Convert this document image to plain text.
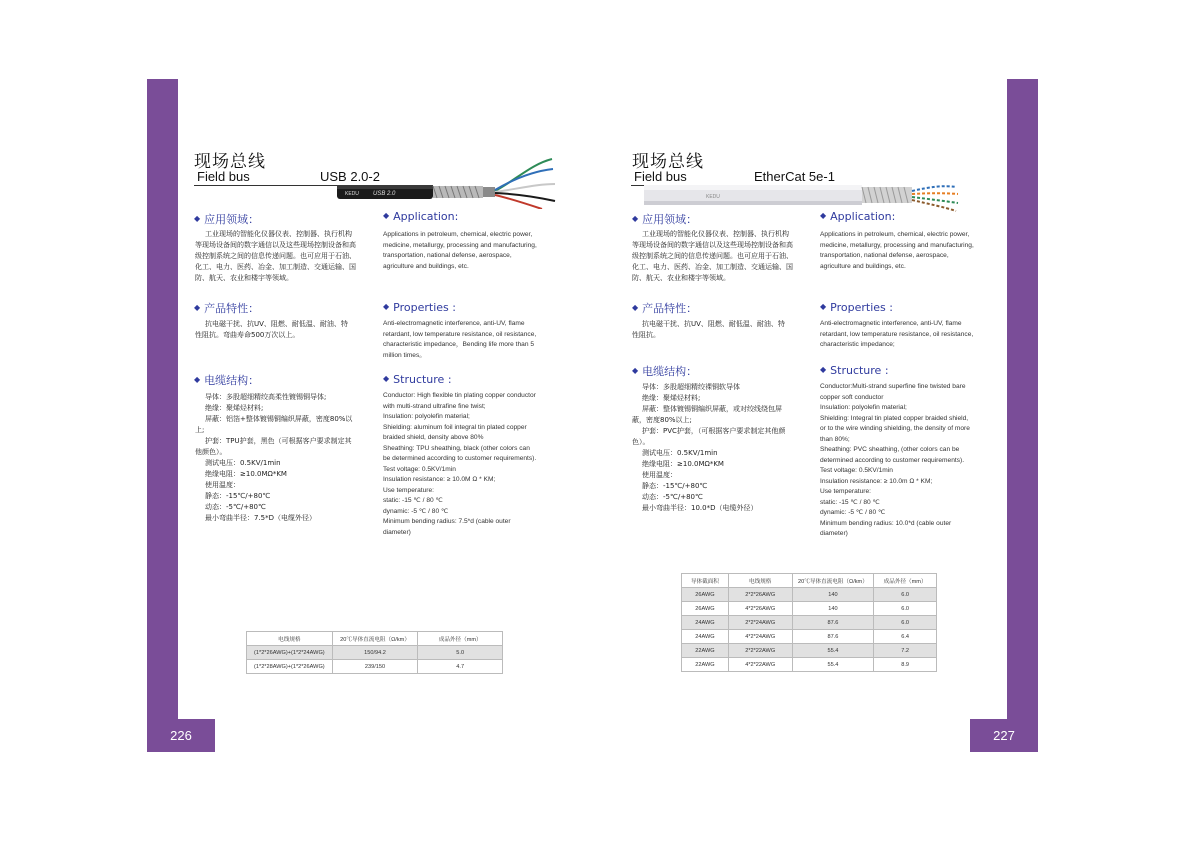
226
现场总线
Field bus	USB 2.0-2
KEDU USB 2.0
◆ 应用领域：
工业现场的智能化仪器仪表、控制器、执行机构
等现场设备间的数字通信以及这些现场控制设备和高
级控制系统之间的信息传递问题。也可应用于石油、
化工、电力、医药、冶金、加工制造、交通运输、国
防、航天、农业和楼宇等领域。
◆ Application:
Applications in petroleum, chemical, electric power,
medicine, metallurgy, processing and manufacturing,
transportation, national defense, aerospace,
agriculture and buildings, etc.
◆ 产品特性：
抗电磁干扰、抗UV、阻燃、耐低温、耐油、特
性阻抗。弯曲寿命500万次以上。
◆ Properties :
Anti-electromagnetic interference, anti-UV, flame
retardant, low temperature resistance, oil resistance,
characteristic impedance，Bending life more than 5
million times。
◆ 电缆结构：
导体：多股超细精绞高柔性镀锡铜导体;
绝缘：聚烯烃材料;
屏蔽：铝箔+整体镀锡铜编织屏蔽，密度80%以
上;
护套：TPU护套，黑色（可根据客户要求制定其
他颜色）。
测试电压：0.5KV/1min
绝缘电阻：≥10.0MΩ*KM
使用温度：
静态：-15℃/+80℃
动态：-5℃/+80℃
最小弯曲半径：7.5*D（电缆外径）
◆ Structure :
Conductor: High flexible tin plating copper conductor
with multi-strand ultrafine fine twist;
Insulation: polyolefin material;
Shielding: aluminum foil integral tin plated copper
braided shield, density above 80%
Sheathing: TPU sheathing, black (other colors can
be determined according to customer requirements).
Test voltage: 0.5KV/1min
Insulation resistance: ≥ 10.0M Ω * KM;
Use temperature:
static: -15 ℃ / 80 ℃
dynamic: -5 ℃ / 80 ℃
Minimum bending radius: 7.5*d (cable outer
diameter)
电线规格	20℃导体直流电阻（Ω/km）	成品外径（mm）
(1*2*26AWG)+(1*2*24AWG)	150/94.2	5.0
(1*2*28AWG)+(1*2*26AWG)	239/150	4.7
227
现场总线
Field bus	EtherCat 5e-1
KEDU
◆ 应用领域：
工业现场的智能化仪器仪表、控制器、执行机构
等现场设备间的数字通信以及这些现场控制设备和高
级控制系统之间的信息传递问题。也可应用于石油、
化工、电力、医药、冶金、加工制造、交通运输、国
防、航天、农业和楼宇等领域。
◆ Application:
Applications in petroleum, chemical, electric power,
medicine, metallurgy, processing and manufacturing,
transportation, national defense, aerospace,
agriculture and buildings, etc.
◆ 产品特性：
抗电磁干扰、抗UV、阻燃、耐低温、耐油、特
性阻抗。
◆ Properties :
Anti-electromagnetic interference, anti-UV, flame
retardant, low temperature resistance, oil resistance,
characteristic impedance;
◆ 电缆结构：
导体：多股超细精绞裸铜软导体
绝缘：聚烯烃材料;
屏蔽：整体镀锡铜编织屏蔽，或对绞线绕包屏
蔽，密度80%以上;
护套：PVC护套，（可根据客户要求制定其他颜
色）。
测试电压：0.5KV/1min
绝缘电阻：≥10.0MΩ*KM
使用温度：
静态：-15℃/+80℃
动态：-5℃/+80℃
最小弯曲半径：10.0*D（电缆外径）
◆ Structure :
Conductor:Multi-strand superfine fine twisted bare
copper soft conductor
Insulation: polyolefin material;
Shielding: Integral tin plated copper braided shield,
or to the wire winding shielding, the density of more
than 80%;
Sheathing: PVC sheathing, (other colors can be
determined according to customer requirements).
Test voltage: 0.5KV/1min
Insulation resistance: ≥ 10.0m Ω * KM;
Use temperature:
static: -15 ℃ / 80 ℃
dynamic: -5 ℃ / 80 ℃
Minimum bending radius: 10.0*d (cable outer
diameter)
导体截面积	电线规格	20℃导体直流电阻（Ω/km）	成品外径（mm）
26AWG	2*2*26AWG	140	6.0
26AWG	4*2*26AWG	140	6.0
24AWG	2*2*24AWG	87.6	6.0
24AWG	4*2*24AWG	87.6	6.4
22AWG	2*2*22AWG	55.4	7.2
22AWG	4*2*22AWG	55.4	8.9
